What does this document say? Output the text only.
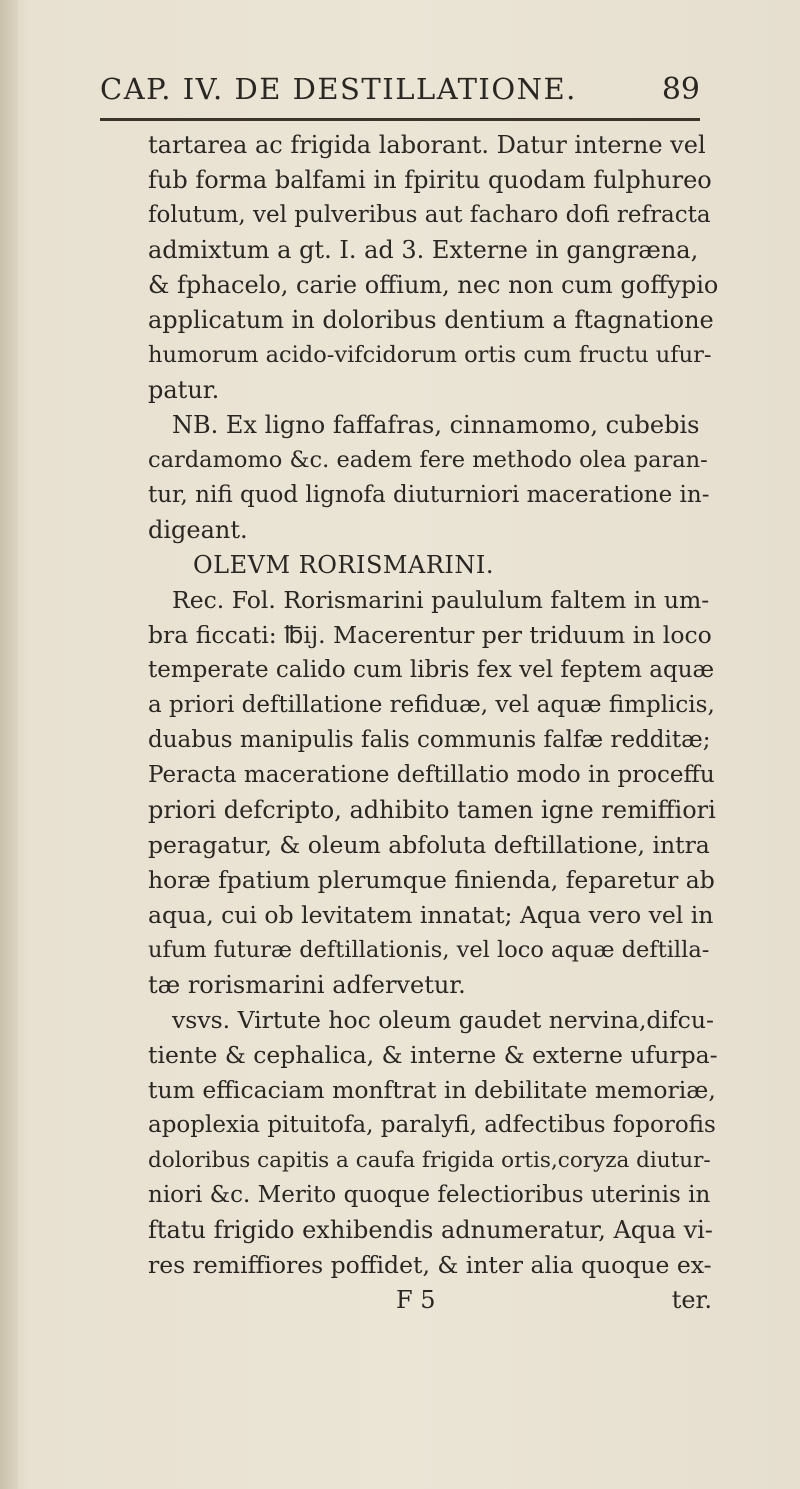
CAP. IV. DE DESTILLATIONE.	89
tartarea ac frigida laborant. Datur interne vel
fub forma balfami in fpiritu quodam fulphureo
folutum, vel pulveribus aut facharo dofi refracta
admixtum a gt. I. ad 3. Externe in gangræna,
& fphacelo, carie offium, nec non cum goffypio
applicatum in doloribus dentium a ftagnatione
humorum acido-vifcidorum ortis cum fructu ufur-
patur.
NB. Ex ligno faffafras, cinnamomo, cubebis
cardamomo &c. eadem fere methodo olea paran-
tur, nifi quod lignofa diuturniori maceratione in-
digeant.
OLEVM RORISMARINI.
Rec. Fol. Rorismarini paululum faltem in um-
bra ficcati: ℔ij. Macerentur per triduum in loco
temperate calido cum libris fex vel feptem aquæ
a priori deftillatione refiduæ, vel aquæ fimplicis,
duabus manipulis falis communis falfæ redditæ;
Peracta maceratione deftillatio modo in proceffu
priori defcripto, adhibito tamen igne remiffiori
peragatur, & oleum abfoluta deftillatione, intra
horæ fpatium plerumque finienda, feparetur ab
aqua, cui ob levitatem innatat; Aqua vero vel in
ufum futuræ deftillationis, vel loco aquæ deftilla-
tæ rorismarini adfervetur.
vsvs. Virtute hoc oleum gaudet nervina,difcu-
tiente & cephalica, & interne & externe ufurpa-
tum efficaciam monftrat in debilitate memoriæ,
apoplexia pituitofa, paralyfi, adfectibus foporofis
doloribus capitis a caufa frigida ortis,coryza diutur-
niori &c. Merito quoque felectioribus uterinis in
ftatu frigido exhibendis adnumeratur, Aqua vi-
res remiffiores poffidet, & inter alia quoque ex-
F 5	ter.
